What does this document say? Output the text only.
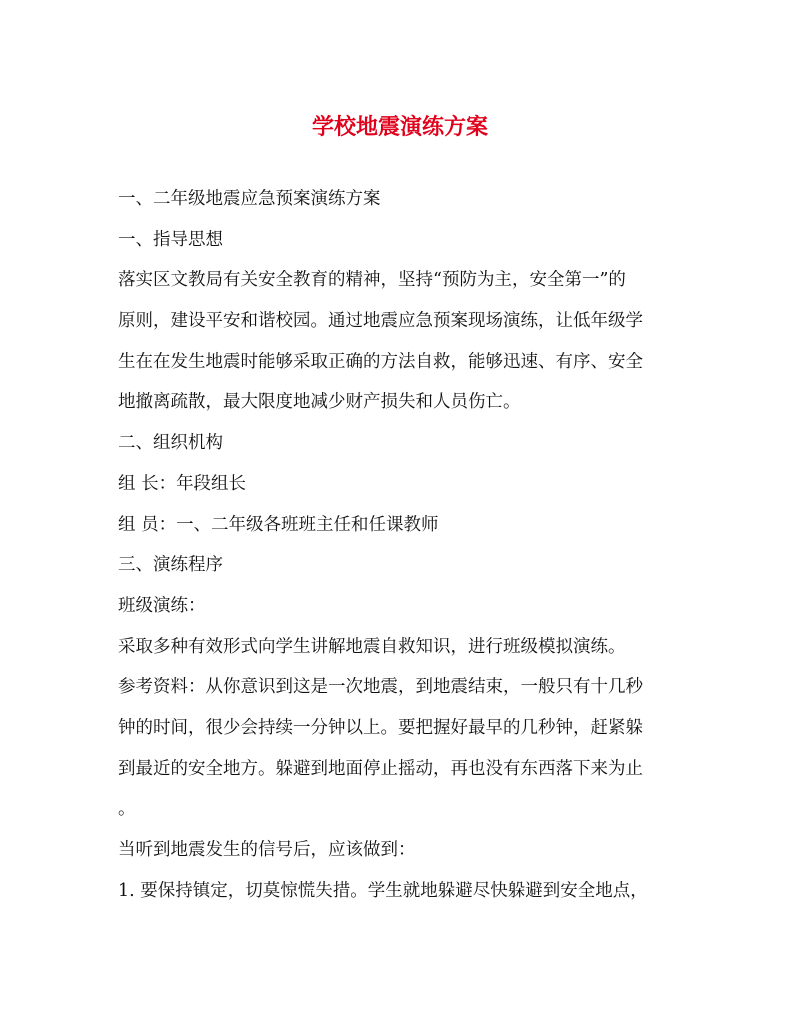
学校地震演练方案

一、二年级地震应急预案演练方案

一、指导思想

落实区文教局有关安全教育的精神，坚持“预防为主，安全第一”的

原则，建设平安和谐校园。通过地震应急预案现场演练，让低年级学

生在在发生地震时能够采取正确的方法自救，能够迅速、有序、安全

地撤离疏散，最大限度地减少财产损失和人员伤亡。

二、组织机构

组 长：年段组长

组 员：一、二年级各班班主任和任课教师

三、演练程序

班级演练：

采取多种有效形式向学生讲解地震自救知识，进行班级模拟演练。

参考资料：从你意识到这是一次地震，到地震结束，一般只有十几秒

钟的时间，很少会持续一分钟以上。要把握好最早的几秒钟，赶紧躲

到最近的安全地方。躲避到地面停止摇动，再也没有东西落下来为止

。

当听到地震发生的信号后，应该做到：

1. 要保持镇定，切莫惊慌失措。学生就地躲避尽快躲避到安全地点，
